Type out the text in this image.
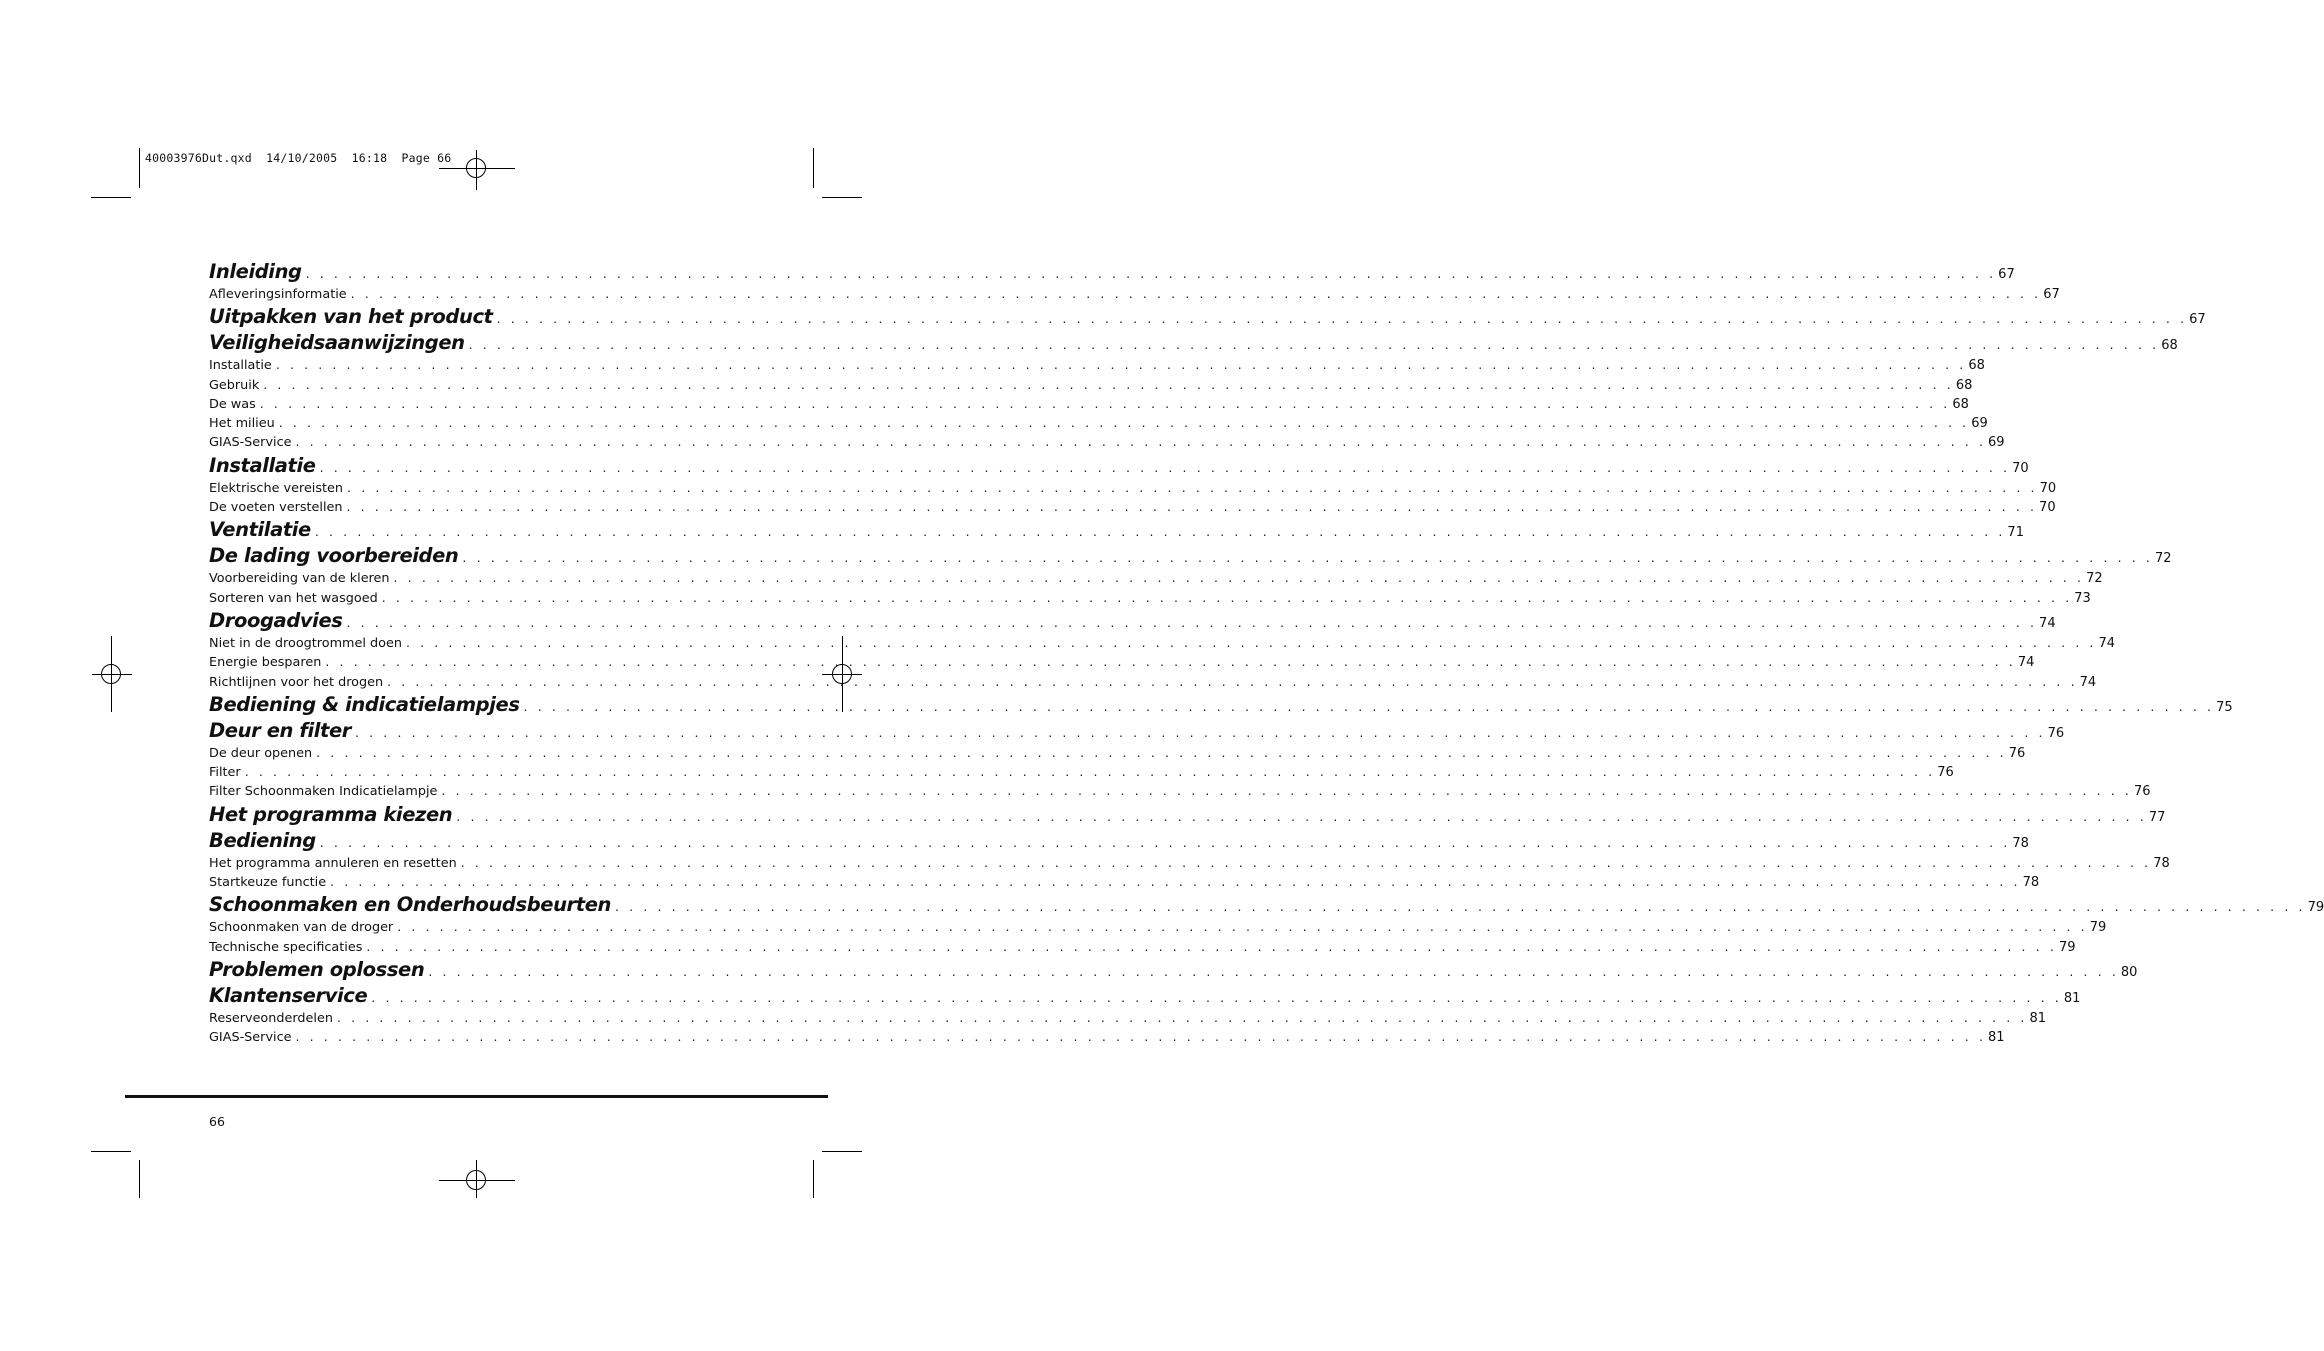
40003976Dut.qxd  14/10/2005  16:18  Page 66
Inleiding . . . . . . . . . . . . . . . . . . . . . . . . . . . . . . . . . . . . . . . . . . . . . . . . . . . . . . . . . . . . . . . . . . . . . . . . . . . . . . . . . . . . . . . . . . . . . . . . . . . . . . . . . . . . . . . . . . . . . . . . 67
Afleveringsinformatie . . . . . . . . . . . . . . . . . . . . . . . . . . . . . . . . . . . . . . . . . . . . . . . . . . . . . . . . . . . . . . . . . . . . . . . . . . . . . . . . . . . . . . . . . . . . . . . . . . . . . . . . . . . . . . . . . . . . . . . . 67
Uitpakken van het product . . . . . . . . . . . . . . . . . . . . . . . . . . . . . . . . . . . . . . . . . . . . . . . . . . . . . . . . . . . . . . . . . . . . . . . . . . . . . . . . . . . . . . . . . . . . . . . . . . . . . . . . . . . . . . . . . . . . . . . . 67
Veiligheidsaanwijzingen . . . . . . . . . . . . . . . . . . . . . . . . . . . . . . . . . . . . . . . . . . . . . . . . . . . . . . . . . . . . . . . . . . . . . . . . . . . . . . . . . . . . . . . . . . . . . . . . . . . . . . . . . . . . . . . . . . . . . . . . 68
Installatie . . . . . . . . . . . . . . . . . . . . . . . . . . . . . . . . . . . . . . . . . . . . . . . . . . . . . . . . . . . . . . . . . . . . . . . . . . . . . . . . . . . . . . . . . . . . . . . . . . . . . . . . . . . . . . . . . . . . . . . . 68
Gebruik . . . . . . . . . . . . . . . . . . . . . . . . . . . . . . . . . . . . . . . . . . . . . . . . . . . . . . . . . . . . . . . . . . . . . . . . . . . . . . . . . . . . . . . . . . . . . . . . . . . . . . . . . . . . . . . . . . . . . . . . 68
De was . . . . . . . . . . . . . . . . . . . . . . . . . . . . . . . . . . . . . . . . . . . . . . . . . . . . . . . . . . . . . . . . . . . . . . . . . . . . . . . . . . . . . . . . . . . . . . . . . . . . . . . . . . . . . . . . . . . . . . . . 68
Het milieu . . . . . . . . . . . . . . . . . . . . . . . . . . . . . . . . . . . . . . . . . . . . . . . . . . . . . . . . . . . . . . . . . . . . . . . . . . . . . . . . . . . . . . . . . . . . . . . . . . . . . . . . . . . . . . . . . . . . . . . . 69
GIAS-Service . . . . . . . . . . . . . . . . . . . . . . . . . . . . . . . . . . . . . . . . . . . . . . . . . . . . . . . . . . . . . . . . . . . . . . . . . . . . . . . . . . . . . . . . . . . . . . . . . . . . . . . . . . . . . . . . . . . . . . . . 69
Installatie . . . . . . . . . . . . . . . . . . . . . . . . . . . . . . . . . . . . . . . . . . . . . . . . . . . . . . . . . . . . . . . . . . . . . . . . . . . . . . . . . . . . . . . . . . . . . . . . . . . . . . . . . . . . . . . . . . . . . . . . 70
Elektrische vereisten . . . . . . . . . . . . . . . . . . . . . . . . . . . . . . . . . . . . . . . . . . . . . . . . . . . . . . . . . . . . . . . . . . . . . . . . . . . . . . . . . . . . . . . . . . . . . . . . . . . . . . . . . . . . . . . . . . . . . . . . 70
De voeten verstellen . . . . . . . . . . . . . . . . . . . . . . . . . . . . . . . . . . . . . . . . . . . . . . . . . . . . . . . . . . . . . . . . . . . . . . . . . . . . . . . . . . . . . . . . . . . . . . . . . . . . . . . . . . . . . . . . . . . . . . . . 70
Ventilatie . . . . . . . . . . . . . . . . . . . . . . . . . . . . . . . . . . . . . . . . . . . . . . . . . . . . . . . . . . . . . . . . . . . . . . . . . . . . . . . . . . . . . . . . . . . . . . . . . . . . . . . . . . . . . . . . . . . . . . . . 71
De lading voorbereiden . . . . . . . . . . . . . . . . . . . . . . . . . . . . . . . . . . . . . . . . . . . . . . . . . . . . . . . . . . . . . . . . . . . . . . . . . . . . . . . . . . . . . . . . . . . . . . . . . . . . . . . . . . . . . . . . . . . . . . . . 72
Voorbereiding van de kleren . . . . . . . . . . . . . . . . . . . . . . . . . . . . . . . . . . . . . . . . . . . . . . . . . . . . . . . . . . . . . . . . . . . . . . . . . . . . . . . . . . . . . . . . . . . . . . . . . . . . . . . . . . . . . . . . . . . . . . . . 72
Sorteren van het wasgoed . . . . . . . . . . . . . . . . . . . . . . . . . . . . . . . . . . . . . . . . . . . . . . . . . . . . . . . . . . . . . . . . . . . . . . . . . . . . . . . . . . . . . . . . . . . . . . . . . . . . . . . . . . . . . . . . . . . . . . . . 73
Droogadvies . . . . . . . . . . . . . . . . . . . . . . . . . . . . . . . . . . . . . . . . . . . . . . . . . . . . . . . . . . . . . . . . . . . . . . . . . . . . . . . . . . . . . . . . . . . . . . . . . . . . . . . . . . . . . . . . . . . . . . . . 74
Niet in de droogtrommel doen . . . . . . . . . . . . . . . . . . . . . . . . . . . . . . . . . . . . . . . . . . . . . . . . . . . . . . . . . . . . . . . . . . . . . . . . . . . . . . . . . . . . . . . . . . . . . . . . . . . . . . . . . . . . . . . . . . . . . . . . 74
Energie besparen . . . . . . . . . . . . . . . . . . . . . . . . . . . . . . . . . . . . . . . . . . . . . . . . . . . . . . . . . . . . . . . . . . . . . . . . . . . . . . . . . . . . . . . . . . . . . . . . . . . . . . . . . . . . . . . . . . . . . . . . 74
Richtlijnen voor het drogen . . . . . . . . . . . . . . . . . . . . . . . . . . . . . . . . . . . . . . . . . . . . . . . . . . . . . . . . . . . . . . . . . . . . . . . . . . . . . . . . . . . . . . . . . . . . . . . . . . . . . . . . . . . . . . . . . . . . . . . . 74
Bediening & indicatielampjes . . . . . . . . . . . . . . . . . . . . . . . . . . . . . . . . . . . . . . . . . . . . . . . . . . . . . . . . . . . . . . . . . . . . . . . . . . . . . . . . . . . . . . . . . . . . . . . . . . . . . . . . . . . . . . . . . . . . . . . . 75
Deur en filter . . . . . . . . . . . . . . . . . . . . . . . . . . . . . . . . . . . . . . . . . . . . . . . . . . . . . . . . . . . . . . . . . . . . . . . . . . . . . . . . . . . . . . . . . . . . . . . . . . . . . . . . . . . . . . . . . . . . . . . . 76
De deur openen . . . . . . . . . . . . . . . . . . . . . . . . . . . . . . . . . . . . . . . . . . . . . . . . . . . . . . . . . . . . . . . . . . . . . . . . . . . . . . . . . . . . . . . . . . . . . . . . . . . . . . . . . . . . . . . . . . . . . . . . 76
Filter . . . . . . . . . . . . . . . . . . . . . . . . . . . . . . . . . . . . . . . . . . . . . . . . . . . . . . . . . . . . . . . . . . . . . . . . . . . . . . . . . . . . . . . . . . . . . . . . . . . . . . . . . . . . . . . . . . . . . . . . 76
Filter Schoonmaken Indicatielampje . . . . . . . . . . . . . . . . . . . . . . . . . . . . . . . . . . . . . . . . . . . . . . . . . . . . . . . . . . . . . . . . . . . . . . . . . . . . . . . . . . . . . . . . . . . . . . . . . . . . . . . . . . . . . . . . . . . . . . . . 76
Het programma kiezen . . . . . . . . . . . . . . . . . . . . . . . . . . . . . . . . . . . . . . . . . . . . . . . . . . . . . . . . . . . . . . . . . . . . . . . . . . . . . . . . . . . . . . . . . . . . . . . . . . . . . . . . . . . . . . . . . . . . . . . . 77
Bediening . . . . . . . . . . . . . . . . . . . . . . . . . . . . . . . . . . . . . . . . . . . . . . . . . . . . . . . . . . . . . . . . . . . . . . . . . . . . . . . . . . . . . . . . . . . . . . . . . . . . . . . . . . . . . . . . . . . . . . . . 78
Het programma annuleren en resetten . . . . . . . . . . . . . . . . . . . . . . . . . . . . . . . . . . . . . . . . . . . . . . . . . . . . . . . . . . . . . . . . . . . . . . . . . . . . . . . . . . . . . . . . . . . . . . . . . . . . . . . . . . . . . . . . . . . . . . . . 78
Startkeuze functie . . . . . . . . . . . . . . . . . . . . . . . . . . . . . . . . . . . . . . . . . . . . . . . . . . . . . . . . . . . . . . . . . . . . . . . . . . . . . . . . . . . . . . . . . . . . . . . . . . . . . . . . . . . . . . . . . . . . . . . . 78
Schoonmaken en Onderhoudsbeurten . . . . . . . . . . . . . . . . . . . . . . . . . . . . . . . . . . . . . . . . . . . . . . . . . . . . . . . . . . . . . . . . . . . . . . . . . . . . . . . . . . . . . . . . . . . . . . . . . . . . . . . . . . . . . . . . . . . . . . . . 79
Schoonmaken van de droger . . . . . . . . . . . . . . . . . . . . . . . . . . . . . . . . . . . . . . . . . . . . . . . . . . . . . . . . . . . . . . . . . . . . . . . . . . . . . . . . . . . . . . . . . . . . . . . . . . . . . . . . . . . . . . . . . . . . . . . . 79
Technische specificaties . . . . . . . . . . . . . . . . . . . . . . . . . . . . . . . . . . . . . . . . . . . . . . . . . . . . . . . . . . . . . . . . . . . . . . . . . . . . . . . . . . . . . . . . . . . . . . . . . . . . . . . . . . . . . . . . . . . . . . . . 79
Problemen oplossen . . . . . . . . . . . . . . . . . . . . . . . . . . . . . . . . . . . . . . . . . . . . . . . . . . . . . . . . . . . . . . . . . . . . . . . . . . . . . . . . . . . . . . . . . . . . . . . . . . . . . . . . . . . . . . . . . . . . . . . . 80
Klantenservice . . . . . . . . . . . . . . . . . . . . . . . . . . . . . . . . . . . . . . . . . . . . . . . . . . . . . . . . . . . . . . . . . . . . . . . . . . . . . . . . . . . . . . . . . . . . . . . . . . . . . . . . . . . . . . . . . . . . . . . . 81
Reserveonderdelen . . . . . . . . . . . . . . . . . . . . . . . . . . . . . . . . . . . . . . . . . . . . . . . . . . . . . . . . . . . . . . . . . . . . . . . . . . . . . . . . . . . . . . . . . . . . . . . . . . . . . . . . . . . . . . . . . . . . . . . . 81
GIAS-Service . . . . . . . . . . . . . . . . . . . . . . . . . . . . . . . . . . . . . . . . . . . . . . . . . . . . . . . . . . . . . . . . . . . . . . . . . . . . . . . . . . . . . . . . . . . . . . . . . . . . . . . . . . . . . . . . . . . . . . . . 81
66
